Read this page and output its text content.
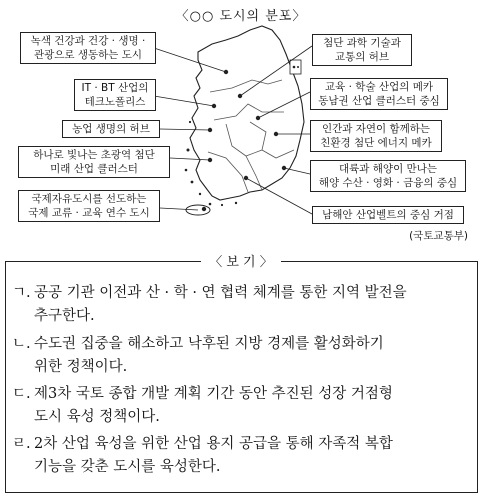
〈○○ 도시의 분포〉
녹색 건강과 건강 · 생명 ·
관광으로 생동하는 도시
IT · BT 산업의
테크노폴리스
농업 생명의 허브
하나로 빛나는 초광역 첨단
미래 산업 클러스터
국제자유도시를 선도하는
국제 교류 · 교육 연수 도시
첨단 과학 기술과
교통의 허브
교육 · 학술 산업의 메카
동남권 산업 클러스터 중심
인간과 자연이 함께하는
친환경 첨단 에너지 메카
대륙과 해양이 만나는
해양 수산 · 영화 · 금융의 중심
남해안 산업벨트의 중심 거점
(국토교통부)
〈 보 기 〉
ㄱ. 공공 기관 이전과 산 · 학 · 연 협력 체계를 통한 지역 발전을
추구한다.
ㄴ. 수도권 집중을 해소하고 낙후된 지방 경제를 활성화하기
위한 정책이다.
ㄷ. 제3차 국토 종합 개발 계획 기간 동안 추진된 성장 거점형
도시 육성 정책이다.
ㄹ. 2차 산업 육성을 위한 산업 용지 공급을 통해 자족적 복합
기능을 갖춘 도시를 육성한다.
